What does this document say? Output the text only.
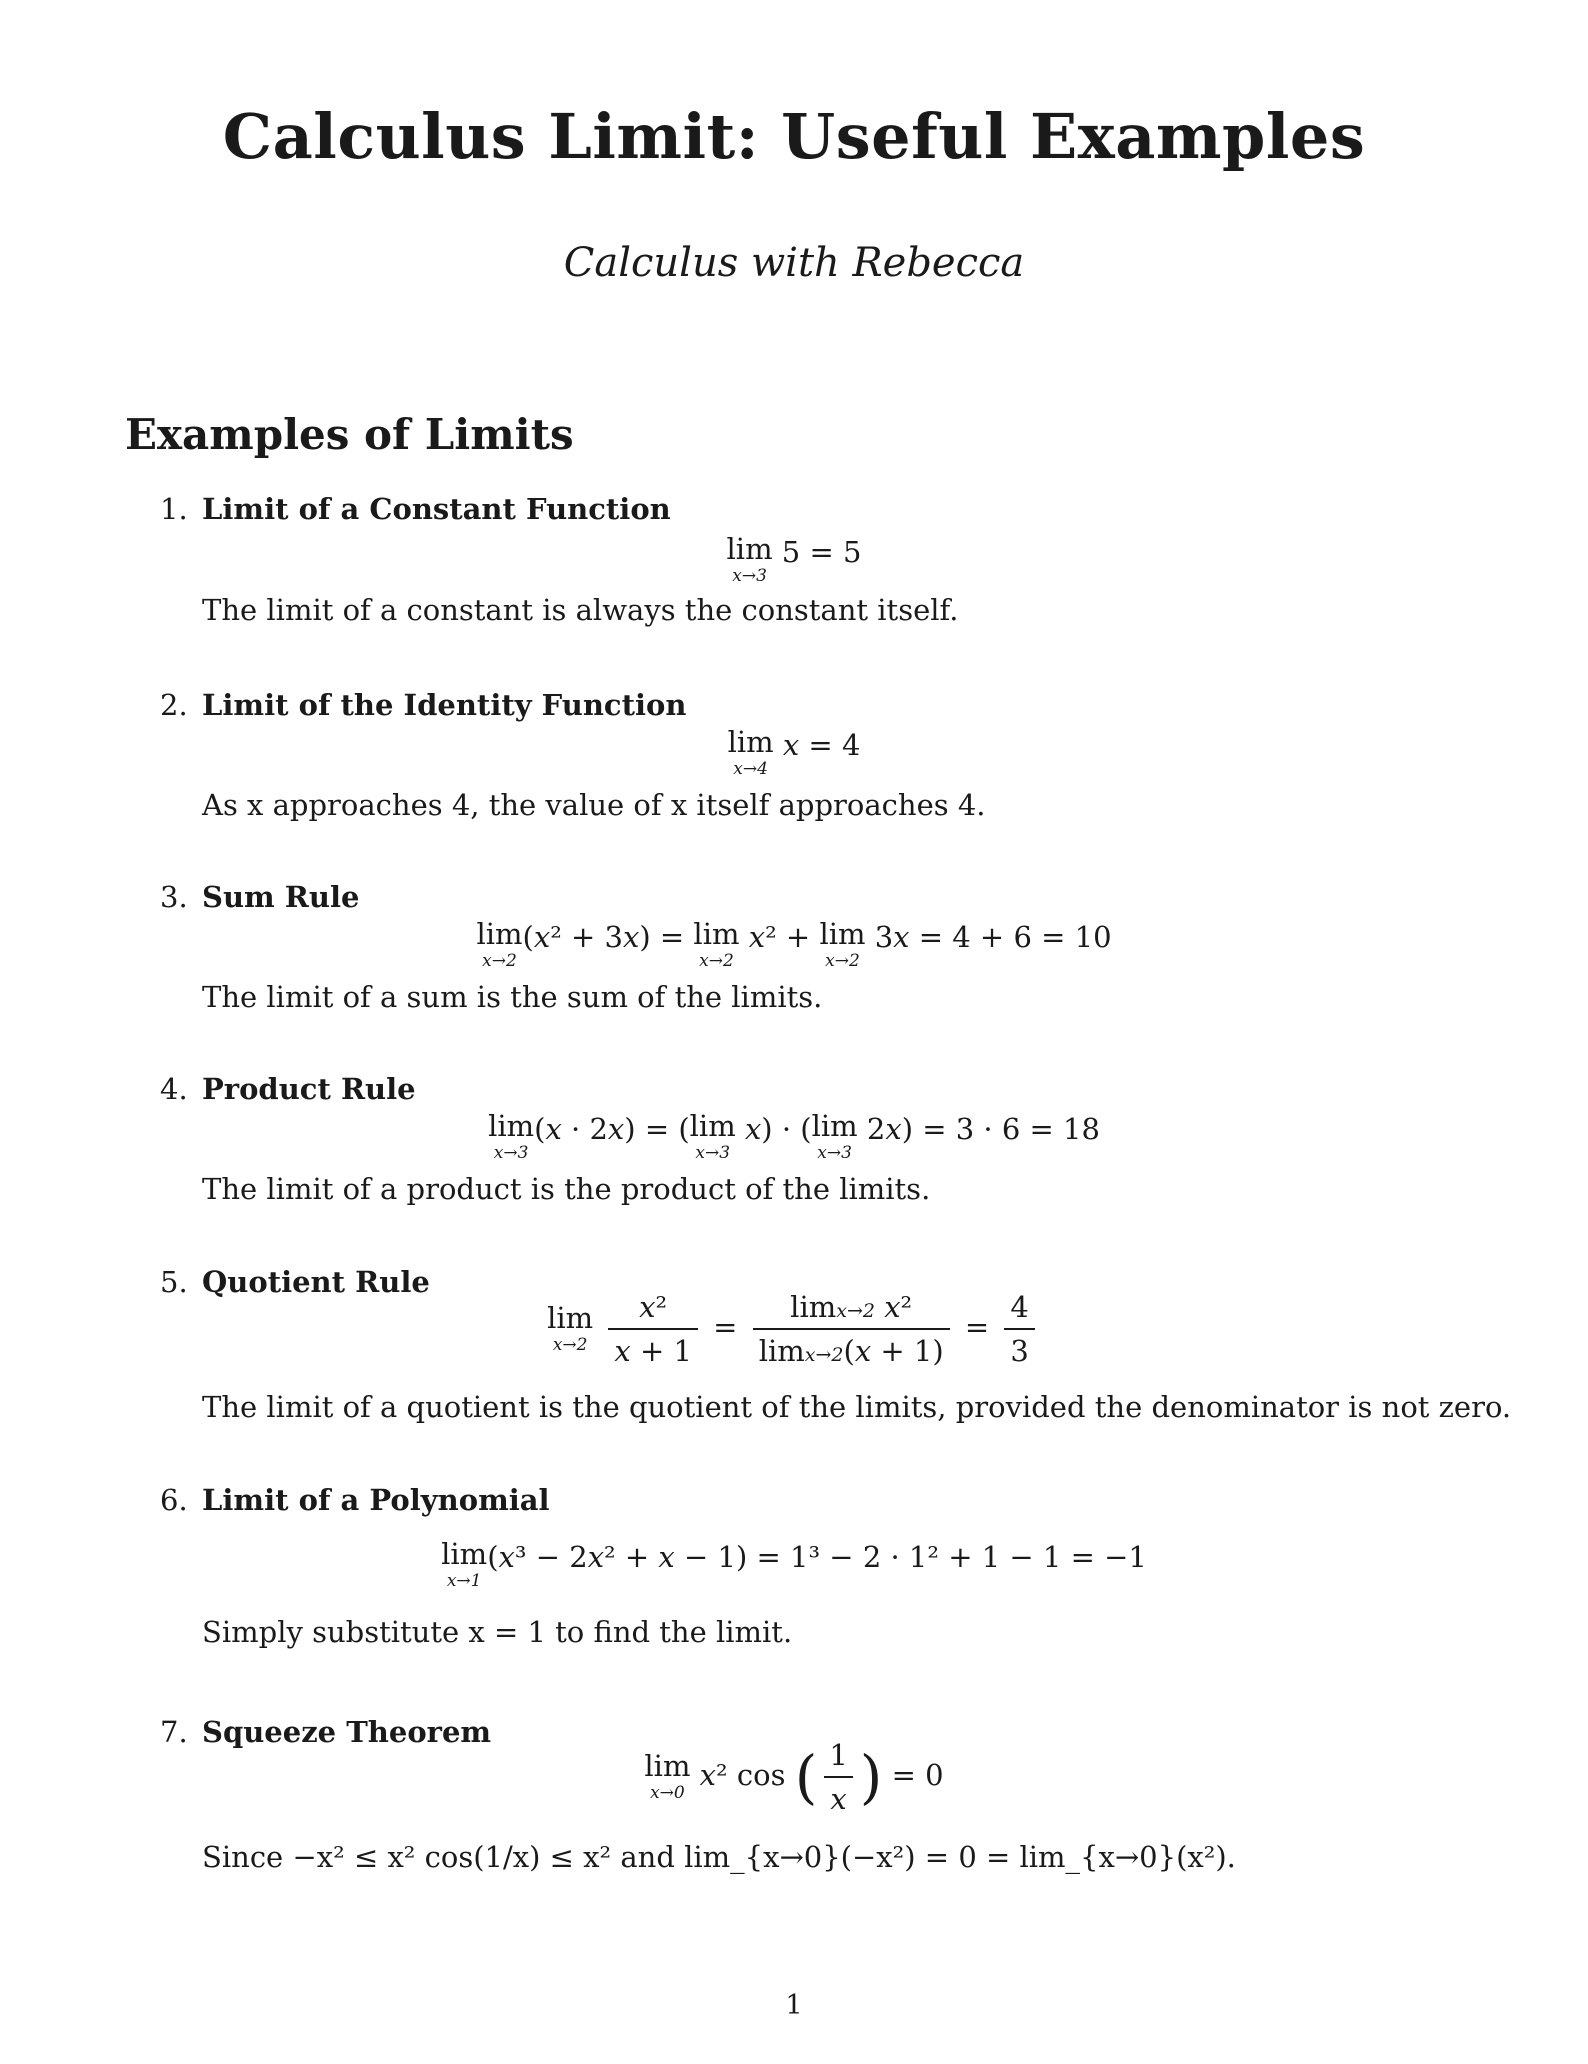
Calculus Limit: Useful Examples
Calculus with Rebecca
Examples of Limits
1. Limit of a Constant Function
lim
x→3
5 = 5
The limit of a constant is always the constant itself.
2. Limit of the Identity Function
lim
x→4
x = 4
As x approaches 4, the value of x itself approaches 4.
3. Sum Rule
lim
x→2
(x² + 3x) = lim
x→2
x² + lim
x→2
3x = 4 + 6 = 10
The limit of a sum is the sum of the limits.
4. Product Rule
lim
x→3
(x · 2x) = (lim
x→3
x) · (lim
x→3
2x) = 3 · 6 = 18
The limit of a product is the product of the limits.
5. Quotient Rule
lim
x→2
$\frac{\text{x²}}{x + 1} = \frac{\text{limx→2 x²}}{\lim x\to 2(x + 1)} = \frac{4}{3}$
The limit of a quotient is the quotient of the limits, provided the denominator is not zero.
6. Limit of a Polynomial
lim
x→1
(x³ − 2x² + x − 1) = 1³ − 2 · 1² + 1 − 1 = −1
Simply substitute x = 1 to find the limit.
7. Squeeze Theorem
lim
x→0
x² cos ( $\frac{1}{x}$ ) = 0
Since −x² ≤ x² cos(1/x) ≤ x² and lim_{x→0}(−x²) = 0 = lim_{x→0}(x²).
1
